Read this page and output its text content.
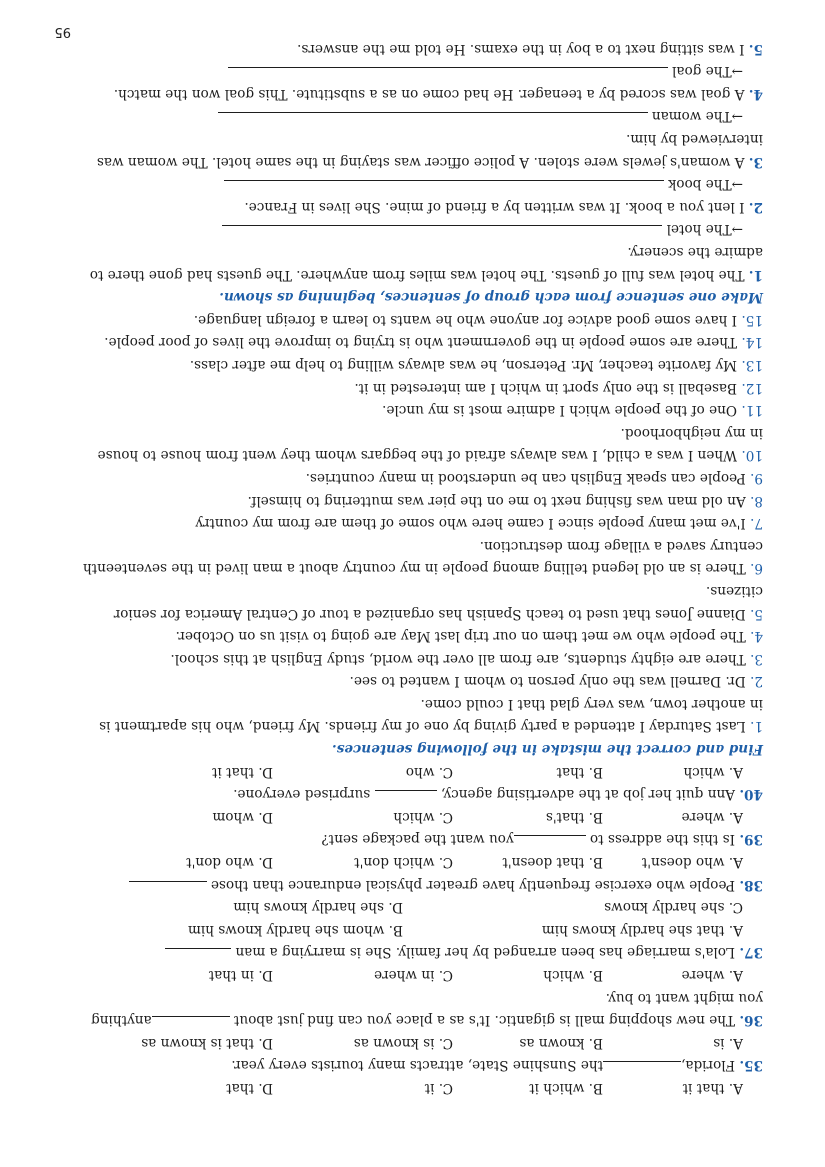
A. that it
B. which it
C. it
D. that
35. Florida,the Sunshine State, attracts many tourists every year.
A. is
B. known as
C. is known as
D. that is known as
36. The new shopping mall is gigantic. It's as a place you can find just about anything
you might want to buy.
A. where
B. which
C. in where
D. in that
37. Lola's marriage has been arranged by her family. She is marrying a man
A. that she hardly knows him
B. whom she hardly knows him
C. she hardly knows
D. she hardly knows him
38. People who exercise frequently have greater physical endurance than those
A. who doesn't
B. that doesn't
C. which don't
D. who don't
39. Is this the address to you want the package sent?
A. where
B. that's
C. which
D. whom
40. Ann quit her job at the advertising agency,  surprised everyone.
A. which
B. that
C. who
D. that it
Find and correct the mistake in the following sentences.
1. Last Saturday I attended a party giving by one of my friends. My friend, who his apartment is
in another town, was very glad that I could come.
2. Dr. Darnell was the only person to whom I wanted to see.
3. There are eighty students, are from all over the world, study English at this school.
4. The people who we met them on our trip last May are going to visit us on October.
5. Dianne Jones that used to teach Spanish has organized a tour of Central America for senior
citizens.
6. There is an old legend telling among people in my country about a man lived in the seventeenth
century saved a village from destruction.
7. I've met many people since I came here who some of them are from my country
8. An old man was fishing next to me on the pier was muttering to himself.
9. People can speak English can be understood in many countries.
10. When I was a child, I was always afraid of the beggars whom they went from house to house
in my neighborhood.
11. One of the people which I admire most is my uncle.
12. Baseball is the only sport in which I am interested in it.
13. My favorite teacher, Mr. Peterson, he was always willing to help me after class.
14. There are some people in the government who is trying to improve the lives of poor people.
15. I have some good advice for anyone who he wants to learn a foreign language.
Make one sentence from each group of sentences, beginning as shown.
1. The hotel was full of guests. The hotel was miles from anywhere. The guests had gone there to
admire the scenery.
→The hotel
2. I lent you a book. It was written by a friend of mine. She lives in France.
→The book
3. A woman's jewels were stolen. A police officer was staying in the same hotel. The woman was
interviewed by him.
→The woman
4. A goal was scored by a teenager. He had come on as a substitute. This goal won the match.
→The goal
5. I was sitting next to a boy in the exams. He told me the answers.
95
